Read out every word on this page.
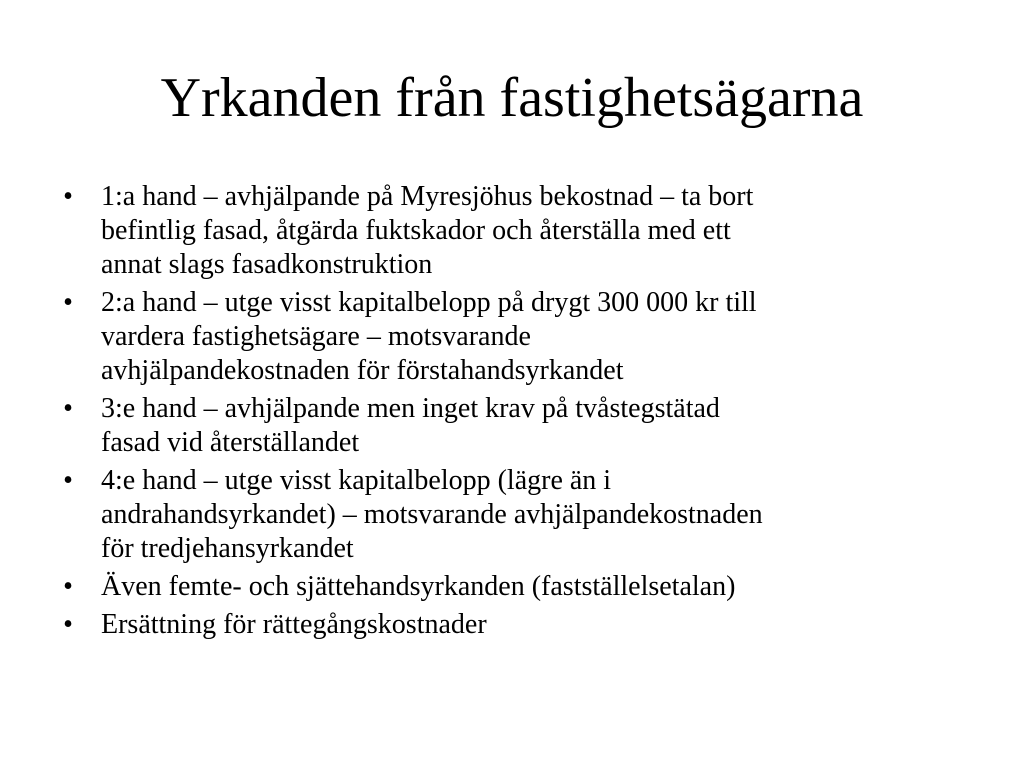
Yrkanden från fastighetsägarna
• 1:a hand – avhjälpande på Myresjöhus bekostnad – ta bort
befintlig fasad, åtgärda fuktskador och återställa med ett
annat slags fasadkonstruktion
• 2:a hand – utge visst kapitalbelopp på drygt 300 000 kr till
vardera fastighetsägare – motsvarande
avhjälpandekostnaden för förstahandsyrkandet
• 3:e hand – avhjälpande men inget krav på tvåstegstätad
fasad vid återställandet
• 4:e hand – utge visst kapitalbelopp (lägre än i
andrahandsyrkandet) – motsvarande avhjälpandekostnaden
för tredjehansyrkandet
• Även femte- och sjättehandsyrkanden (fastställelsetalan)
• Ersättning för rättegångskostnader
